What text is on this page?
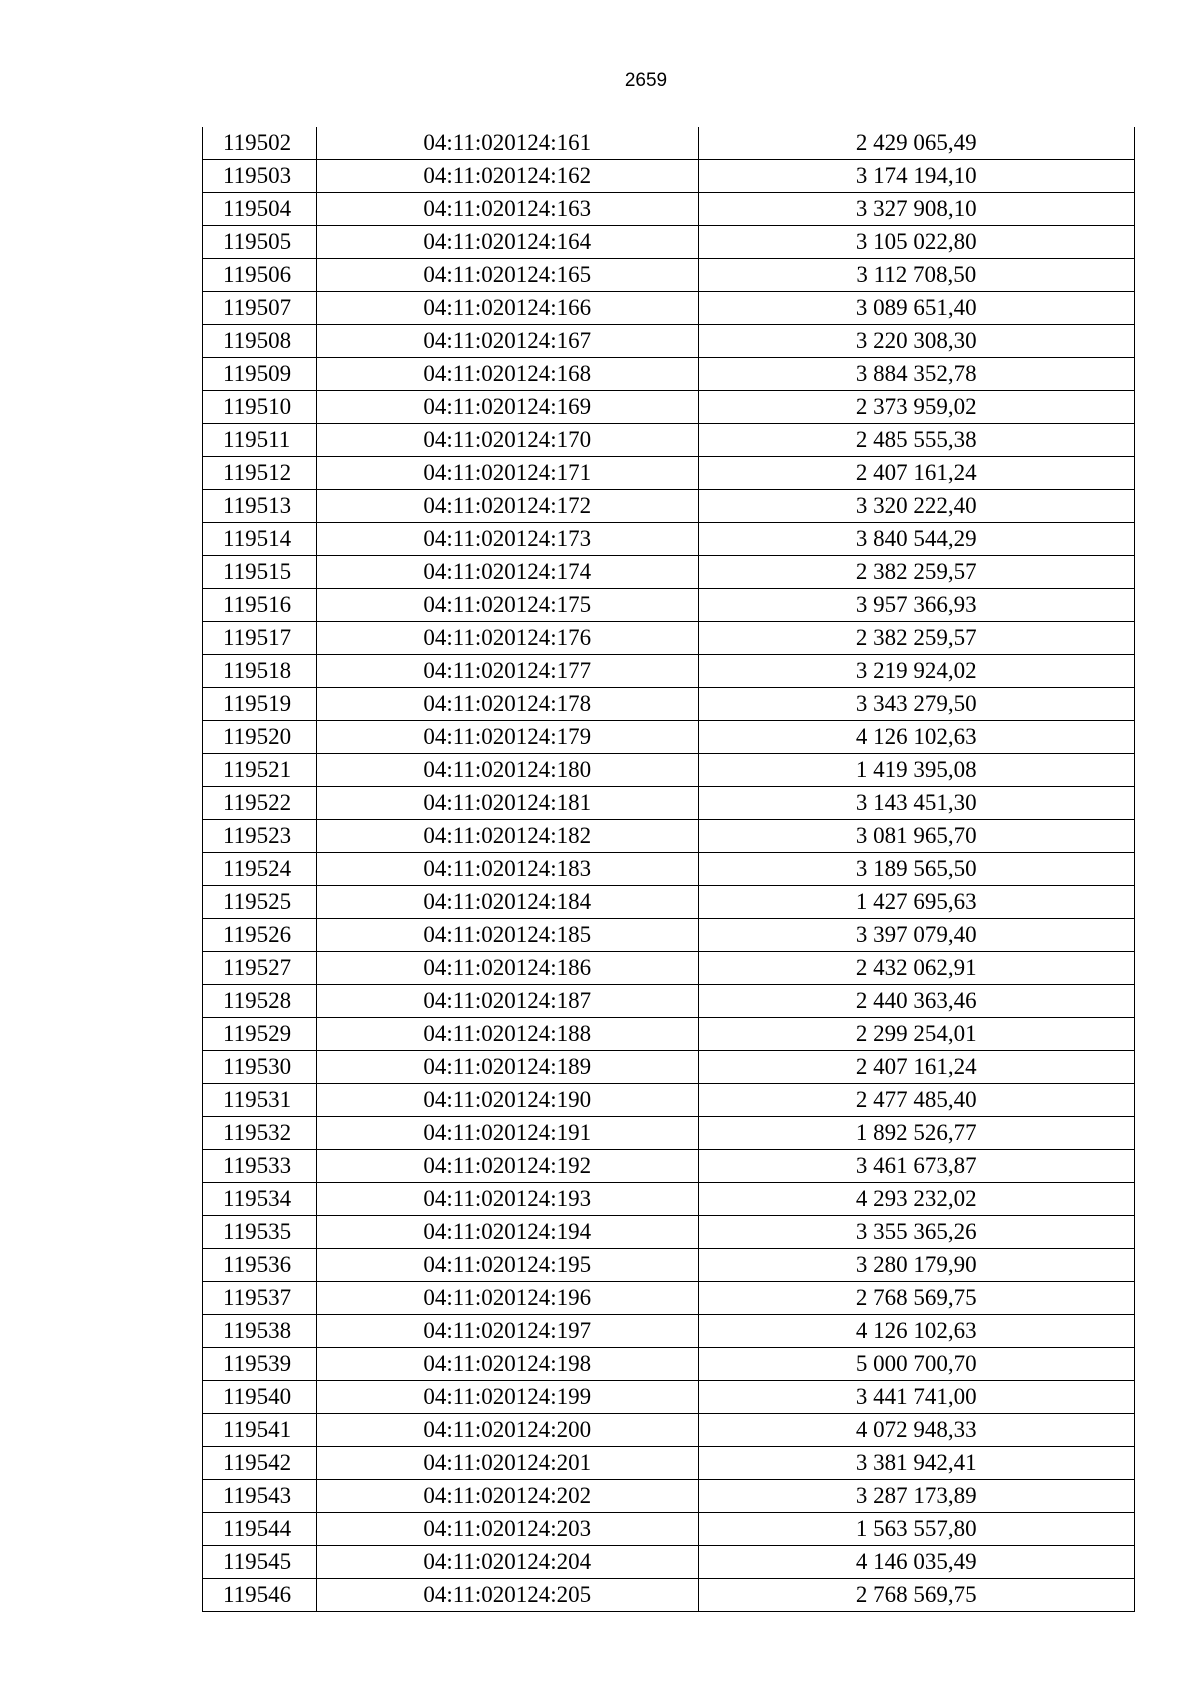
2659
119502	04:11:020124:161	2 429 065,49
119503	04:11:020124:162	3 174 194,10
119504	04:11:020124:163	3 327 908,10
119505	04:11:020124:164	3 105 022,80
119506	04:11:020124:165	3 112 708,50
119507	04:11:020124:166	3 089 651,40
119508	04:11:020124:167	3 220 308,30
119509	04:11:020124:168	3 884 352,78
119510	04:11:020124:169	2 373 959,02
119511	04:11:020124:170	2 485 555,38
119512	04:11:020124:171	2 407 161,24
119513	04:11:020124:172	3 320 222,40
119514	04:11:020124:173	3 840 544,29
119515	04:11:020124:174	2 382 259,57
119516	04:11:020124:175	3 957 366,93
119517	04:11:020124:176	2 382 259,57
119518	04:11:020124:177	3 219 924,02
119519	04:11:020124:178	3 343 279,50
119520	04:11:020124:179	4 126 102,63
119521	04:11:020124:180	1 419 395,08
119522	04:11:020124:181	3 143 451,30
119523	04:11:020124:182	3 081 965,70
119524	04:11:020124:183	3 189 565,50
119525	04:11:020124:184	1 427 695,63
119526	04:11:020124:185	3 397 079,40
119527	04:11:020124:186	2 432 062,91
119528	04:11:020124:187	2 440 363,46
119529	04:11:020124:188	2 299 254,01
119530	04:11:020124:189	2 407 161,24
119531	04:11:020124:190	2 477 485,40
119532	04:11:020124:191	1 892 526,77
119533	04:11:020124:192	3 461 673,87
119534	04:11:020124:193	4 293 232,02
119535	04:11:020124:194	3 355 365,26
119536	04:11:020124:195	3 280 179,90
119537	04:11:020124:196	2 768 569,75
119538	04:11:020124:197	4 126 102,63
119539	04:11:020124:198	5 000 700,70
119540	04:11:020124:199	3 441 741,00
119541	04:11:020124:200	4 072 948,33
119542	04:11:020124:201	3 381 942,41
119543	04:11:020124:202	3 287 173,89
119544	04:11:020124:203	1 563 557,80
119545	04:11:020124:204	4 146 035,49
119546	04:11:020124:205	2 768 569,75
